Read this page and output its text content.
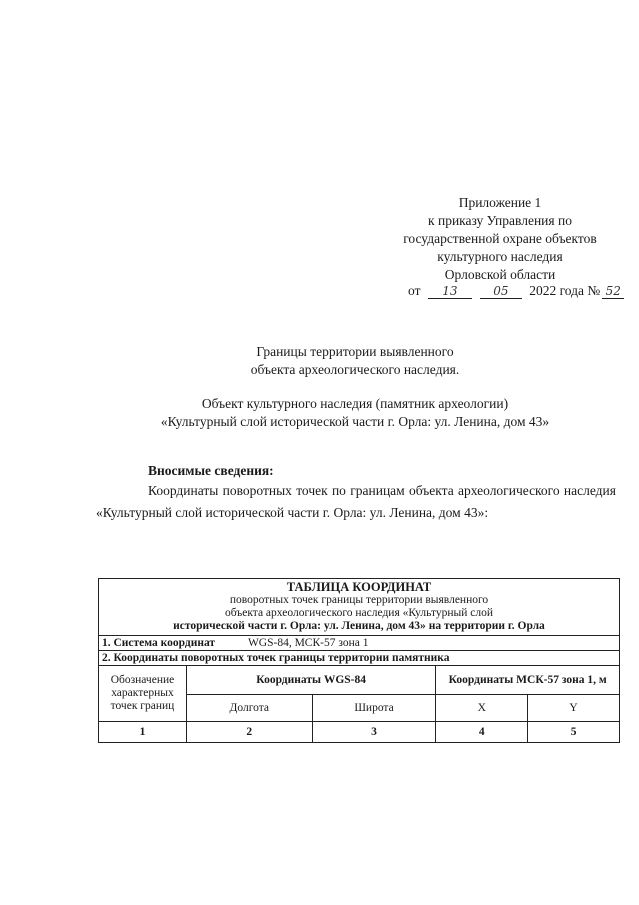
Приложение 1
к приказу Управления по
государственной охране объектов
культурного наследия
Орловской области
от 13	05 2022 года № 52
Границы территории выявленного
объекта археологического наследия.
Объект культурного наследия (памятник археологии)
«Культурный слой исторической части г. Орла: ул. Ленина, дом 43»
Вносимые сведения:
Координаты поворотных точек по границам объекта археологического наследия «Культурный слой исторической части г. Орла: ул. Ленина, дом 43»:
ТАБЛИЦА КООРДИНАТ
поворотных точек границы территории выявленного
объекта археологического наследия «Культурный слой
исторической части г. Орла: ул. Ленина, дом 43» на территории г. Орла				

1. Система координат WGS-84, МСК-57 зона 1				
2. Координаты поворотных точек границы территории памятника				
Обозначение характерных точек границ	Координаты WGS-84		Координаты МСК-57 зона 1, м	
	Долгота	Широта	X	Y
1	2	3	4	5
